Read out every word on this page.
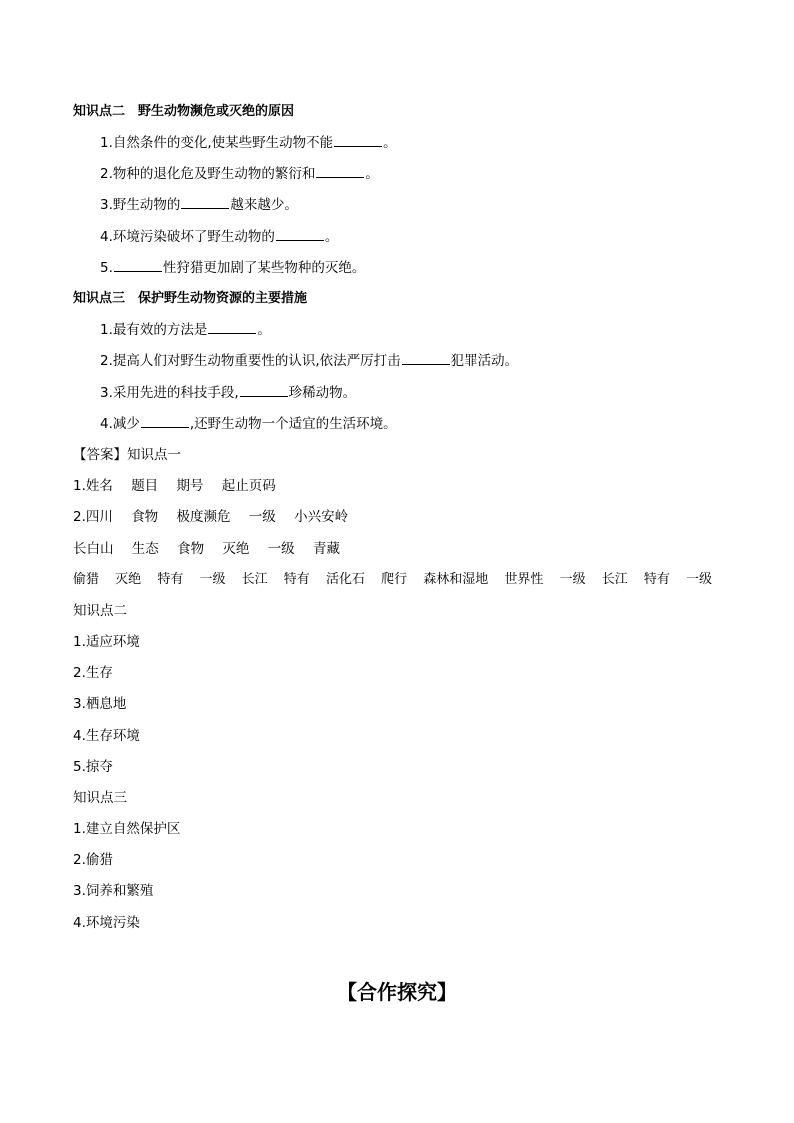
知识点二　野生动物濒危或灭绝的原因
1.自然条件的变化,使某些野生动物不能	。
2.物种的退化危及野生动物的繁衍和	。
3.野生动物的	越来越少。
4.环境污染破坏了野生动物的	。
5.	性狩猎更加剧了某些物种的灭绝。
知识点三　保护野生动物资源的主要措施
1.最有效的方法是	。
2.提高人们对野生动物重要性的认识,依法严厉打击	犯罪活动。
3.采用先进的科技手段,	珍稀动物。
4.减少	,还野生动物一个适宜的生活环境。
【答案】知识点一
1.姓名 题目 期号 起止页码
2.四川 食物 极度濒危 一级 小兴安岭
长白山 生态 食物 灭绝 一级 青藏
偷猎 灭绝 特有 一级 长江 特有 活化石 爬行 森林和湿地 世界性 一级 长江 特有 一级
知识点二
1.适应环境
2.生存
3.栖息地
4.生存环境
5.掠夺
知识点三
1.建立自然保护区
2.偷猎
3.饲养和繁殖
4.环境污染
【合作探究】
